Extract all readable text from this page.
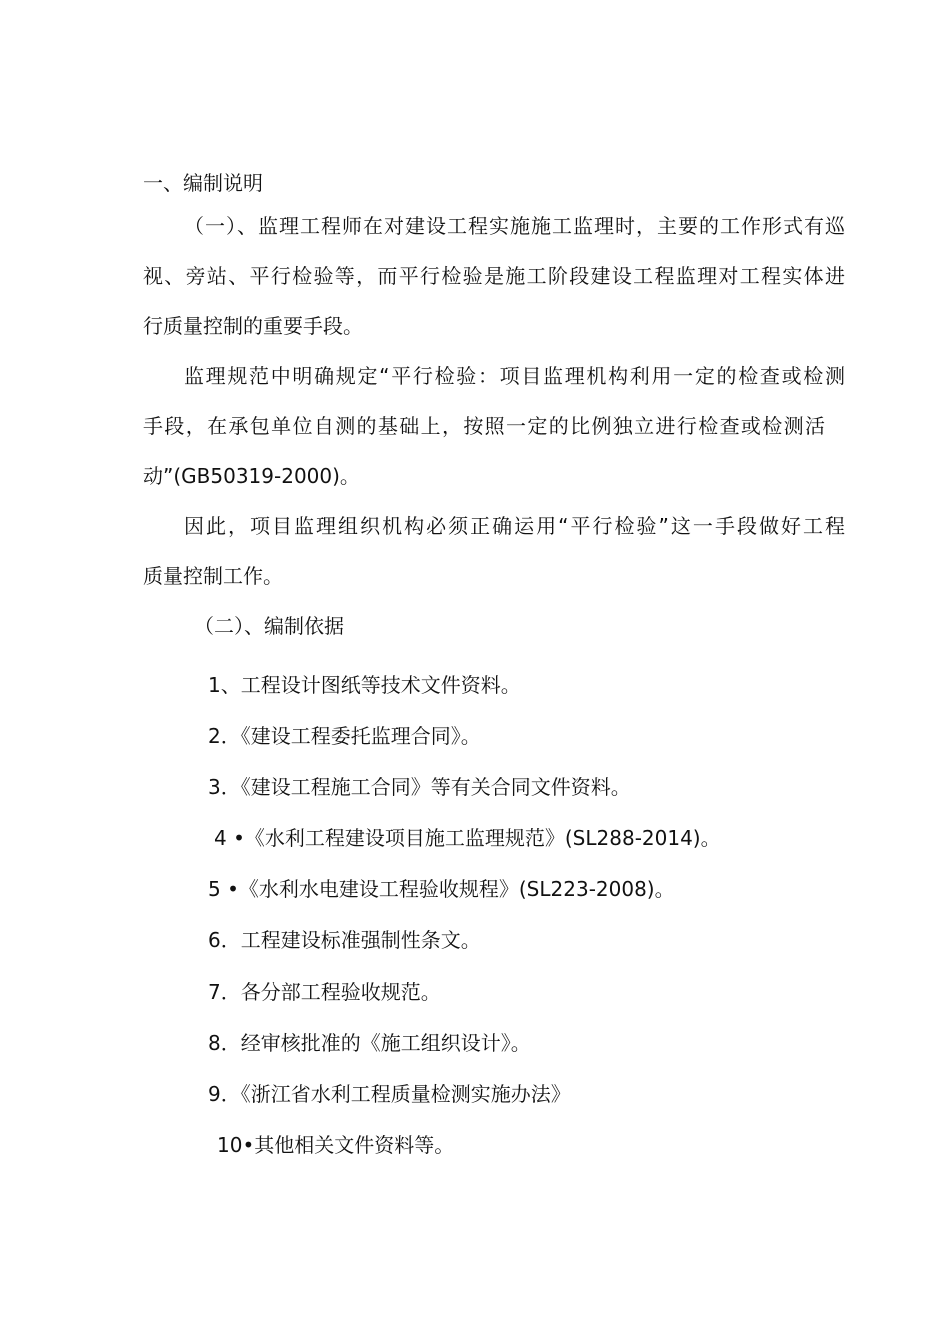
一、编制说明
（一）、监理工程师在对建设工程实施施工监理时，主要的工作形式有巡
视、旁站、平行检验等，而平行检验是施工阶段建设工程监理对工程实体进
行质量控制的重要手段。
监理规范中明确规定“平行检验：项目监理机构利用一定的检查或检测
手段，在承包单位自测的基础上，按照一定的比例独立进行检查或检测活
动”(GB50319-2000)。
因此，项目监理组织机构必须正确运用“平行检验”这一手段做好工程
质量控制工作。
（二）、编制依据
1、工程设计图纸等技术文件资料。
2．《建设工程委托监理合同》。
3．《建设工程施工合同》等有关合同文件资料。
4 •《水利工程建设项目施工监理规范》(SL288-2014)。
5 •《水利水电建设工程验收规程》(SL223-2008)。
6．工程建设标准强制性条文。
7．各分部工程验收规范。
8．经审核批准的《施工组织设计》。
9．《浙江省水利工程质量检测实施办法》
10•其他相关文件资料等。
